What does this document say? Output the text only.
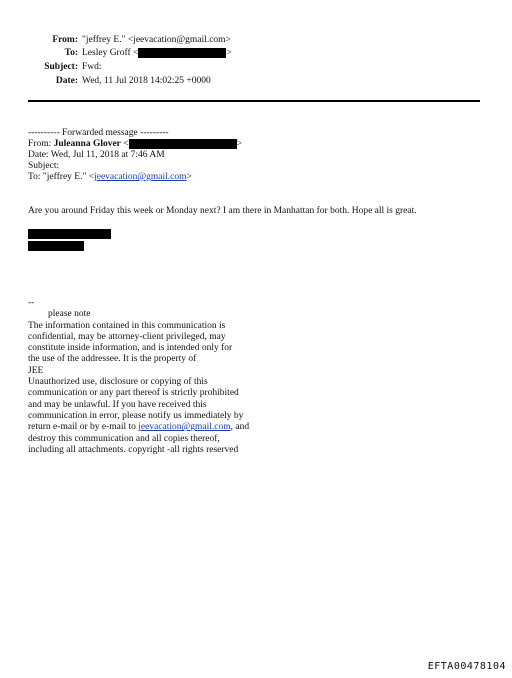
From: "jeffrey E." <jeevacation@gmail.com>
To: Lesley Groff <	>
Subject: Fwd:
Date: Wed, 11 Jul 2018 14:02:25 +0000
---------- Forwarded message ---------
From: Juleanna Glover <	>
Date: Wed, Jul 11, 2018 at 7:46 AM
Subject:
To: "jeffrey E." <jeevacation@gmail.com>
Are you around Friday this week or Monday next? I am there in Manhattan for both. Hope all is great.
--
please note
The information contained in this communication is
confidential, may be attorney-client privileged, may
constitute inside information, and is intended only for
the use of the addressee. It is the property of
JEE
Unauthorized use, disclosure or copying of this
communication or any part thereof is strictly prohibited
and may be unlawful. If you have received this
communication in error, please notify us immediately by
return e-mail or by e-mail to jeevacation@gmail.com, and
destroy this communication and all copies thereof,
including all attachments. copyright -all rights reserved
EFTA00478104
